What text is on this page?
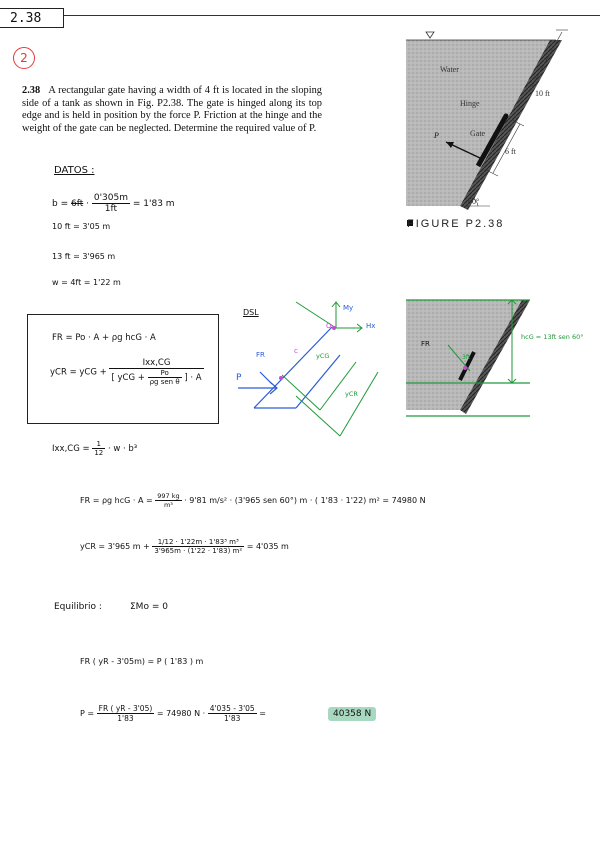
2.38
2
2.38 A rectangular gate having a width of 4 ft is located in the sloping side of a tank as shown in Fig. P2.38. The gate is hinged along its top edge and is held in position by the force P. Friction at the hinge and the weight of the gate can be neglected. Determine the required value of P.
FIGURE P2.38
Water
Hinge
Gate
P
10 ft
6 ft
60°
DATOS :
$b = 6ft \cdot \frac{0'305m}{1ft} = 1'83$ m
10 ft = 3'05 m
13 ft = 3'965 m
w = 4ft = 1'22 m
FR = Po · A + ρg hcG · A
yCR = yCG + $\frac{\text{Ixx,CG}}{[ yCG + \frac{Po}{\text{ρg sen θ}} ] \cdot A}$
$Ixx,CG = \frac{1}{12} \cdot w \cdot b^3$
DSL	My
Hx
O
FR	c
P
yCG
yCR
hcG = 13ft sen 60°
FR
3ft
FR = ρg hcG · $A = \frac{997 kg}{\text{m³}} \cdot 9'81$ m/s² · (3'965 sen 60°) m · ( 1'83 · 1'22) m² = 74980 N
yCR = 3'965 $m + \frac{\text{1/12 · 1'22m · 1'83³ m³}}{\text{3'965m · (1'22 · 1'83) m²}} = 4'035$ m
Equilibrio :	ΣMo = 0
FR ( yR - 3'05m) = P ( 1'83 ) m
$P = \frac{FR ( yR - 3'05)}{1'83} = 74980$ $N \cdot \frac{4'035 - 3'05}{1'83}$ =	40358 N
